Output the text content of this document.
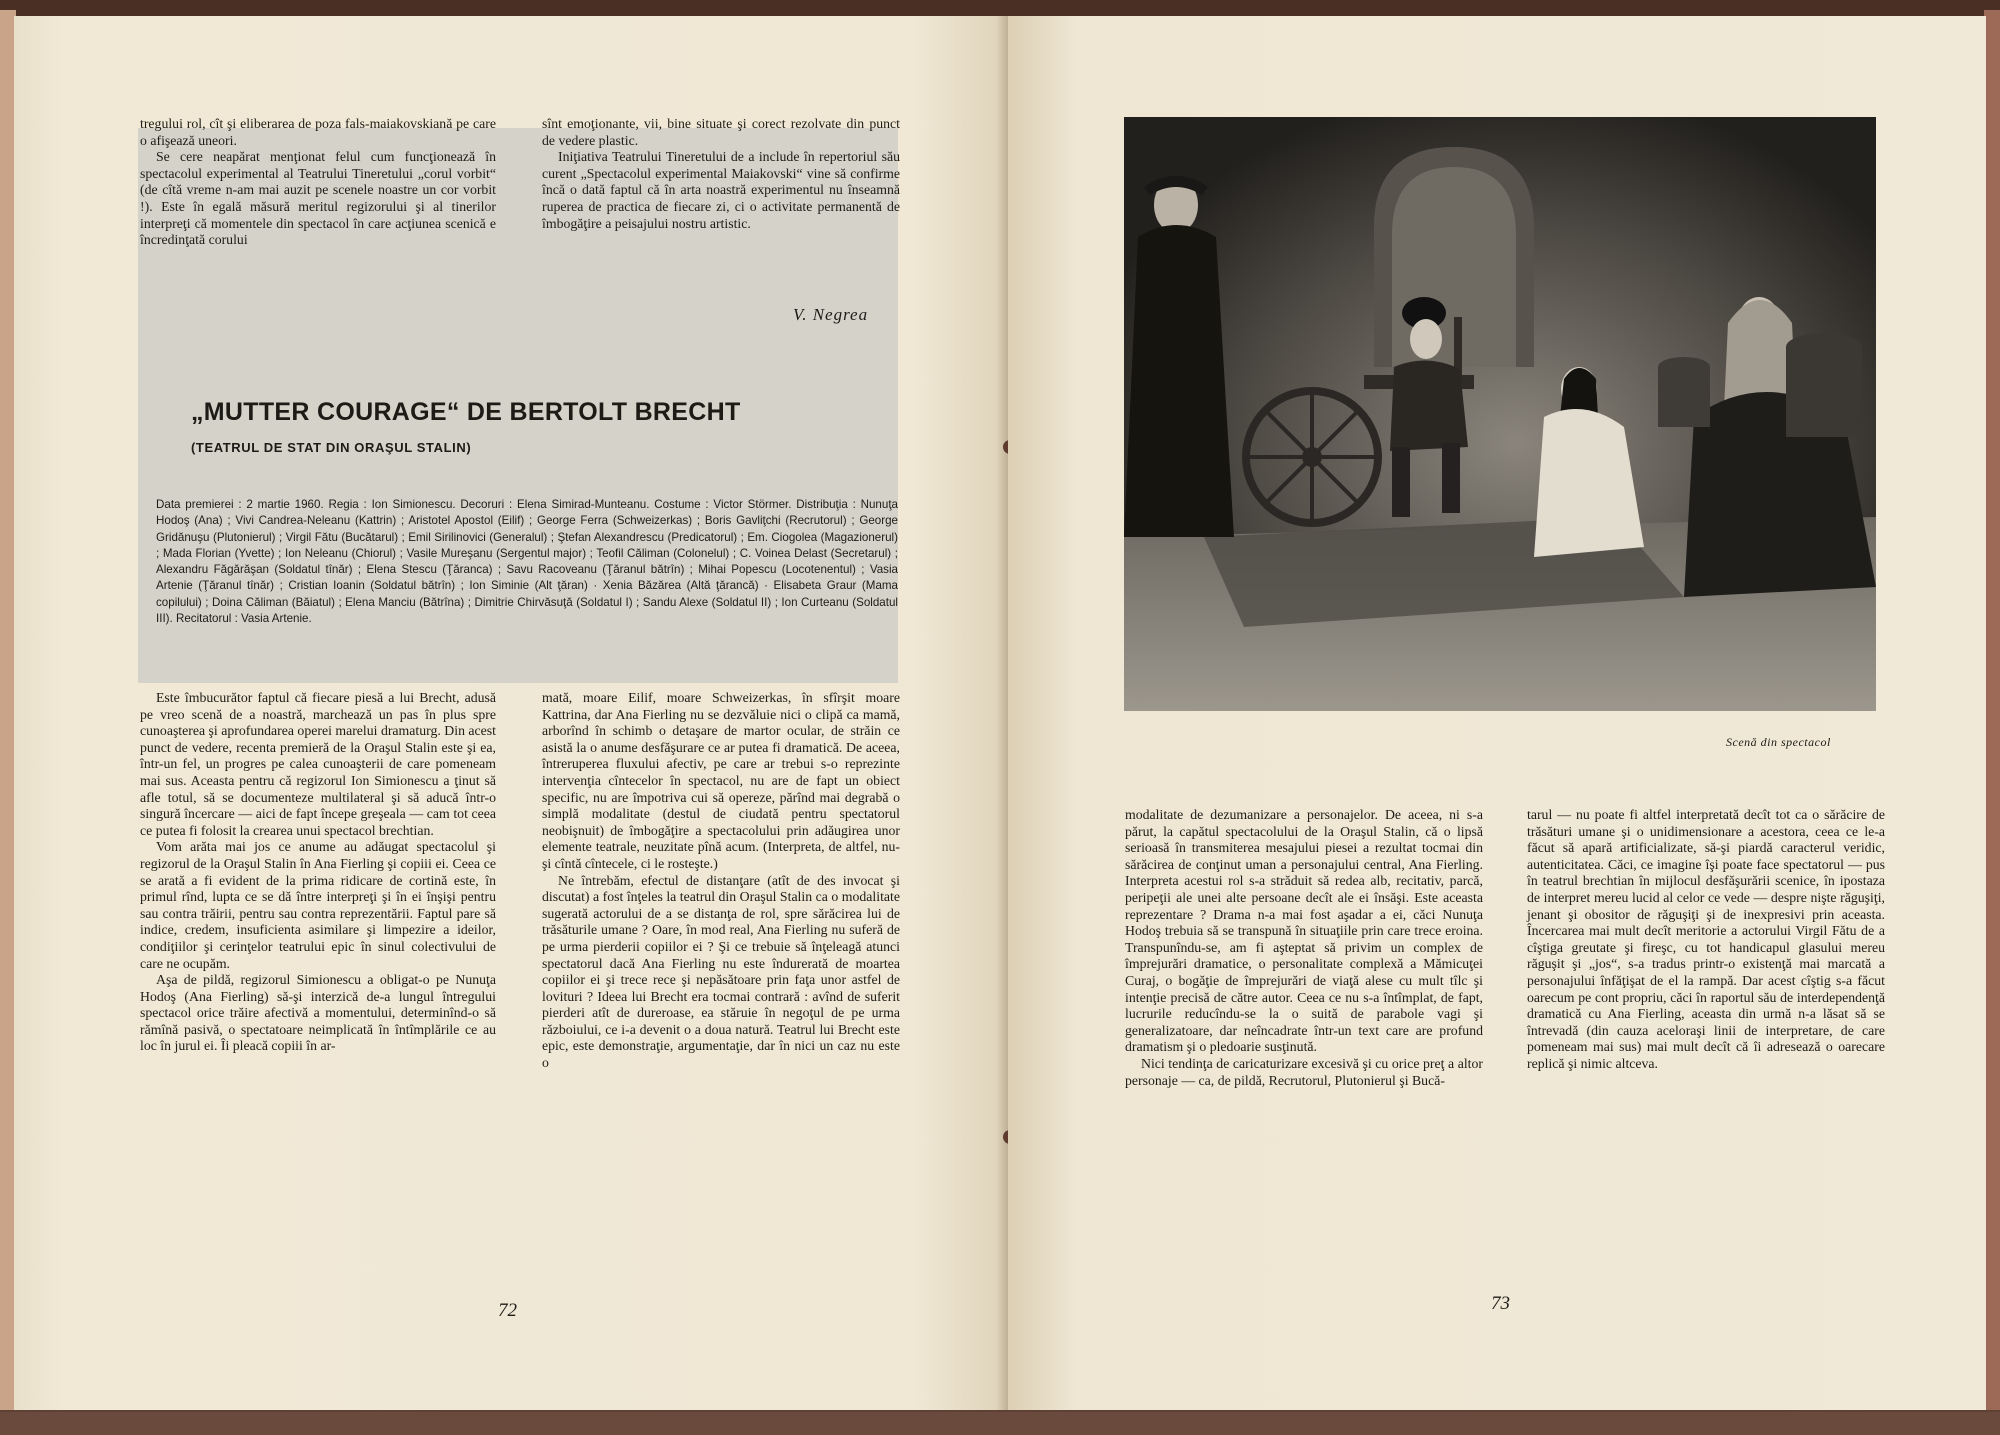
tregului rol, cît şi eliberarea de poza fals-maiakovskiană pe care o afişează uneori.

Se cere neapărat menţionat felul cum funcţionează în spectacolul experimental al Teatrului Tineretului „corul vorbit“ (de cîtă vreme n-am mai auzit pe scenele noastre un cor vorbit !). Este în egală măsură meritul regizorului şi al tinerilor interpreţi că momentele din spectacol în care acţiunea scenică e încredinţată corului

sînt emoţionante, vii, bine situate şi corect rezolvate din punct de vedere plastic.

Iniţiativa Teatrului Tineretului de a include în repertoriul său curent „Spectacolul experimental Maiakovski“ vine să confirme încă o dată faptul că în arta noastră experimentul nu înseamnă ruperea de practica de fiecare zi, ci o activitate permanentă de îmbogăţire a peisajului nostru artistic.

V. Negrea
„MUTTER COURAGE“ DE BERTOLT BRECHT
(TEATRUL DE STAT DIN ORAŞUL STALIN)
Data premierei : 2 martie 1960. Regia : Ion Simionescu. Decoruri : Elena Simirad-Munteanu. Costume : Victor Störmer. Distribuţia : Nunuţa Hodoş (Ana) ; Vivi Candrea-Neleanu (Kattrin) ; Aristotel Apostol (Eilif) ; George Ferra (Schweizerkas) ; Boris Gavliţchi (Recrutorul) ; George Gridănuşu (Plutonierul) ; Virgil Fătu (Bucătarul) ; Emil Sirilinovici (Generalul) ; Ştefan Alexandrescu (Predicatorul) ; Em. Ciogolea (Magazionerul) ; Mada Florian (Yvette) ; Ion Neleanu (Chiorul) ; Vasile Mureşanu (Sergentul major) ; Teofil Căliman (Colonelul) ; C. Voinea Delast (Secretarul) ; Alexandru Făgărăşan (Soldatul tînăr) ; Elena Stescu (Ţăranca) ; Savu Racoveanu (Ţăranul bătrîn) ; Mihai Popescu (Locotenentul) ; Vasia Artenie (Ţăranul tînăr) ; Cristian Ioanin (Soldatul bătrîn) ; Ion Siminie (Alt ţăran) · Xenia Băzărea (Altă ţărancă) · Elisabeta Graur (Mama copilului) ; Doina Căliman (Băiatul) ; Elena Manciu (Bătrîna) ; Dimitrie Chirvăsuţă (Soldatul I) ; Sandu Alexe (Soldatul II) ; Ion Curteanu (Soldatul III). Recitatorul : Vasia Artenie.

Este îmbucurător faptul că fiecare piesă a lui Brecht, adusă pe vreo scenă de a noastră, marchează un pas în plus spre cunoaşterea şi aprofundarea operei marelui dramaturg. Din acest punct de vedere, recenta premieră de la Oraşul Stalin este şi ea, într-un fel, un progres pe calea cunoaşterii de care pomeneam mai sus. Aceasta pentru că regizorul Ion Simionescu a ţinut să afle totul, să se documenteze multilateral şi să aducă într-o singură încercare — aici de fapt începe greşeala — cam tot ceea ce putea fi folosit la crearea unui spectacol brechtian.

Vom arăta mai jos ce anume au adăugat spectacolul şi regizorul de la Oraşul Stalin în Ana Fierling şi copiii ei. Ceea ce se arată a fi evident de la prima ridicare de cortină este, în primul rînd, lupta ce se dă între interpreţi şi în ei înşişi pentru sau contra trăirii, pentru sau contra reprezentării. Faptul pare să indice, credem, insuficienta asimilare şi limpezire a ideilor, condiţiilor şi cerinţelor teatrului epic în sinul colectivului de care ne ocupăm.

Aşa de pildă, regizorul Simionescu a obligat-o pe Nunuţa Hodoş (Ana Fierling) să-şi interzică de-a lungul întregului spectacol orice trăire afectivă a momentului, determinînd-o să rămînă pasivă, o spectatoare neimplicată în întîmplările ce au loc în jurul ei. Îi pleacă copiii în ar-

mată, moare Eilif, moare Schweizerkas, în sfîrşit moare Kattrina, dar Ana Fierling nu se dezvăluie nici o clipă ca mamă, arborînd în schimb o detaşare de martor ocular, de străin ce asistă la o anume desfăşurare ce ar putea fi dramatică. De aceea, întreruperea fluxului afectiv, pe care ar trebui s-o reprezinte intervenţia cîntecelor în spectacol, nu are de fapt un obiect specific, nu are împotriva cui să opereze, părînd mai degrabă o simplă modalitate (destul de ciudată pentru spectatorul neobişnuit) de îmbogăţire a spectacolului prin adăugirea unor elemente teatrale, neuzitate pînă acum. (Interpreta, de altfel, nu-şi cîntă cîntecele, ci le rosteşte.)

Ne întrebăm, efectul de distanţare (atît de des invocat şi discutat) a fost înţeles la teatrul din Oraşul Stalin ca o modalitate sugerată actorului de a se distanţa de rol, spre sărăcirea lui de trăsăturile umane ? Oare, în mod real, Ana Fierling nu suferă de pe urma pierderii copiilor ei ? Şi ce trebuie să înţeleagă atunci spectatorul dacă Ana Fierling nu este îndurerată de moartea copiilor ei şi trece rece şi nepăsătoare prin faţa unor astfel de lovituri ? Ideea lui Brecht era tocmai contrară : avînd de suferit pierderi atît de dureroase, ea stăruie în negoţul de pe urma războiului, ce i-a devenit o a doua natură. Teatrul lui Brecht este epic, este demonstraţie, argumentaţie, dar în nici un caz nu este o

72
Scenă din spectacol

modalitate de dezumanizare a personajelor. De aceea, ni s-a părut, la capătul spectacolului de la Oraşul Stalin, că o lipsă serioasă în transmiterea mesajului piesei a rezultat tocmai din sărăcirea de conţinut uman a personajului central, Ana Fierling. Interpreta acestui rol s-a străduit să redea alb, recitativ, parcă, peripeţii ale unei alte persoane decît ale ei însăşi. Este aceasta reprezentare ? Drama n-a mai fost aşadar a ei, căci Nunuţa Hodoş trebuia să se transpună în situaţiile prin care trece eroina. Transpunîndu-se, am fi aşteptat să privim un complex de împrejurări dramatice, o personalitate complexă a Mămicuţei Curaj, o bogăţie de împrejurări de viaţă alese cu mult tîlc şi intenţie precisă de către autor. Ceea ce nu s-a întîmplat, de fapt, lucrurile reducîndu-se la o suită de parabole vagi şi generalizatoare, dar neîncadrate într-un text care are profund dramatism şi o pledoarie susţinută.

Nici tendinţa de caricaturizare excesivă şi cu orice preţ a altor personaje — ca, de pildă, Recrutorul, Plutonierul şi Bucă-

tarul — nu poate fi altfel interpretată decît tot ca o sărăcire de trăsături umane şi o unidimensionare a acestora, ceea ce le-a făcut să apară artificializate, să-şi piardă caracterul veridic, autenticitatea. Căci, ce imagine îşi poate face spectatorul — pus în teatrul brechtian în mijlocul desfăşurării scenice, în ipostaza de interpret mereu lucid al celor ce vede — despre nişte răguşiţi, jenant şi obositor de răguşiţi şi de inexpresivi prin aceasta. Încercarea mai mult decît meritorie a actorului Virgil Fătu de a cîştiga greutate şi fireşc, cu tot handicapul glasului mereu răguşit şi „jos“, s-a tradus printr-o existenţă mai marcată a personajului înfăţişat de el la rampă. Dar acest cîştig s-a făcut oarecum pe cont propriu, căci în raportul său de interdependenţă dramatică cu Ana Fierling, aceasta din urmă n-a lăsat să se întrevadă (din cauza aceloraşi linii de interpretare, de care pomeneam mai sus) mai mult decît că îi adresează o oarecare replică şi nimic altceva.

73
